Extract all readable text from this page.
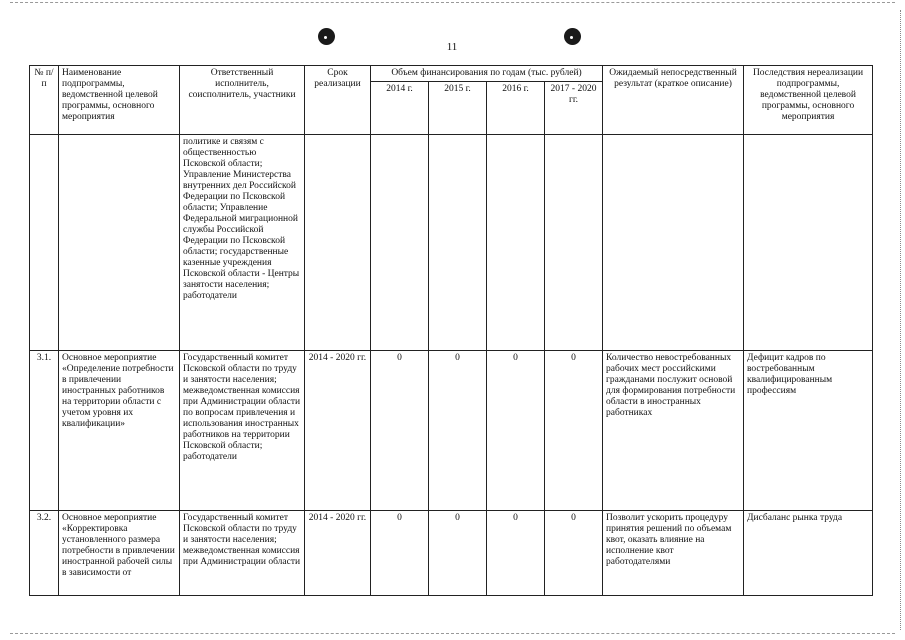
11
№ п/п	Наименование подпрограммы, ведомственной целевой программы, основного мероприятия	Ответственный исполнитель, соисполнитель, участники	Срок реализации	Объем финансирования по годам (тыс. рублей)				Ожидаемый непосредственный результат (краткое описание)	Последствия нереализации подпрограммы, ведомственной целевой программы, основного мероприятия
				2014 г.	2015 г.	2016 г.	2017 - 2020 гг.		
		политике и связям с общественностью Псковской области; Управление Министерства внутренних дел Российской Федерации по Псковской области; Управление Федеральной миграционной службы Российской Федерации по Псковской области; государственные казенные учреждения Псковской области - Центры занятости населения; работодатели							
3.1.	Основное мероприятие «Определение потребности в привлечении иностранных работников на территории области с учетом уровня их квалификации»	Государственный комитет Псковской области по труду и занятости населения; межведомственная комиссия при Администрации области по вопросам привлечения и использования иностранных работников на территории Псковской области; работодатели	2014 - 2020 гг.	0	0	0	0	Количество невостребованных рабочих мест российскими гражданами послужит основой для формирования потребности области в иностранных работниках	Дефицит кадров по востребованным квалифицированным профессиям
3.2.	Основное мероприятие «Корректировка установленного размера потребности в привлечении иностранной рабочей силы в зависимости от	Государственный комитет Псковской области по труду и занятости населения; межведомственная комиссия при Администрации области	2014 - 2020 гг.	0	0	0	0	Позволит ускорить процедуру принятия решений по объемам квот, оказать влияние на исполнение квот работодателями	Дисбаланс рынка труда
